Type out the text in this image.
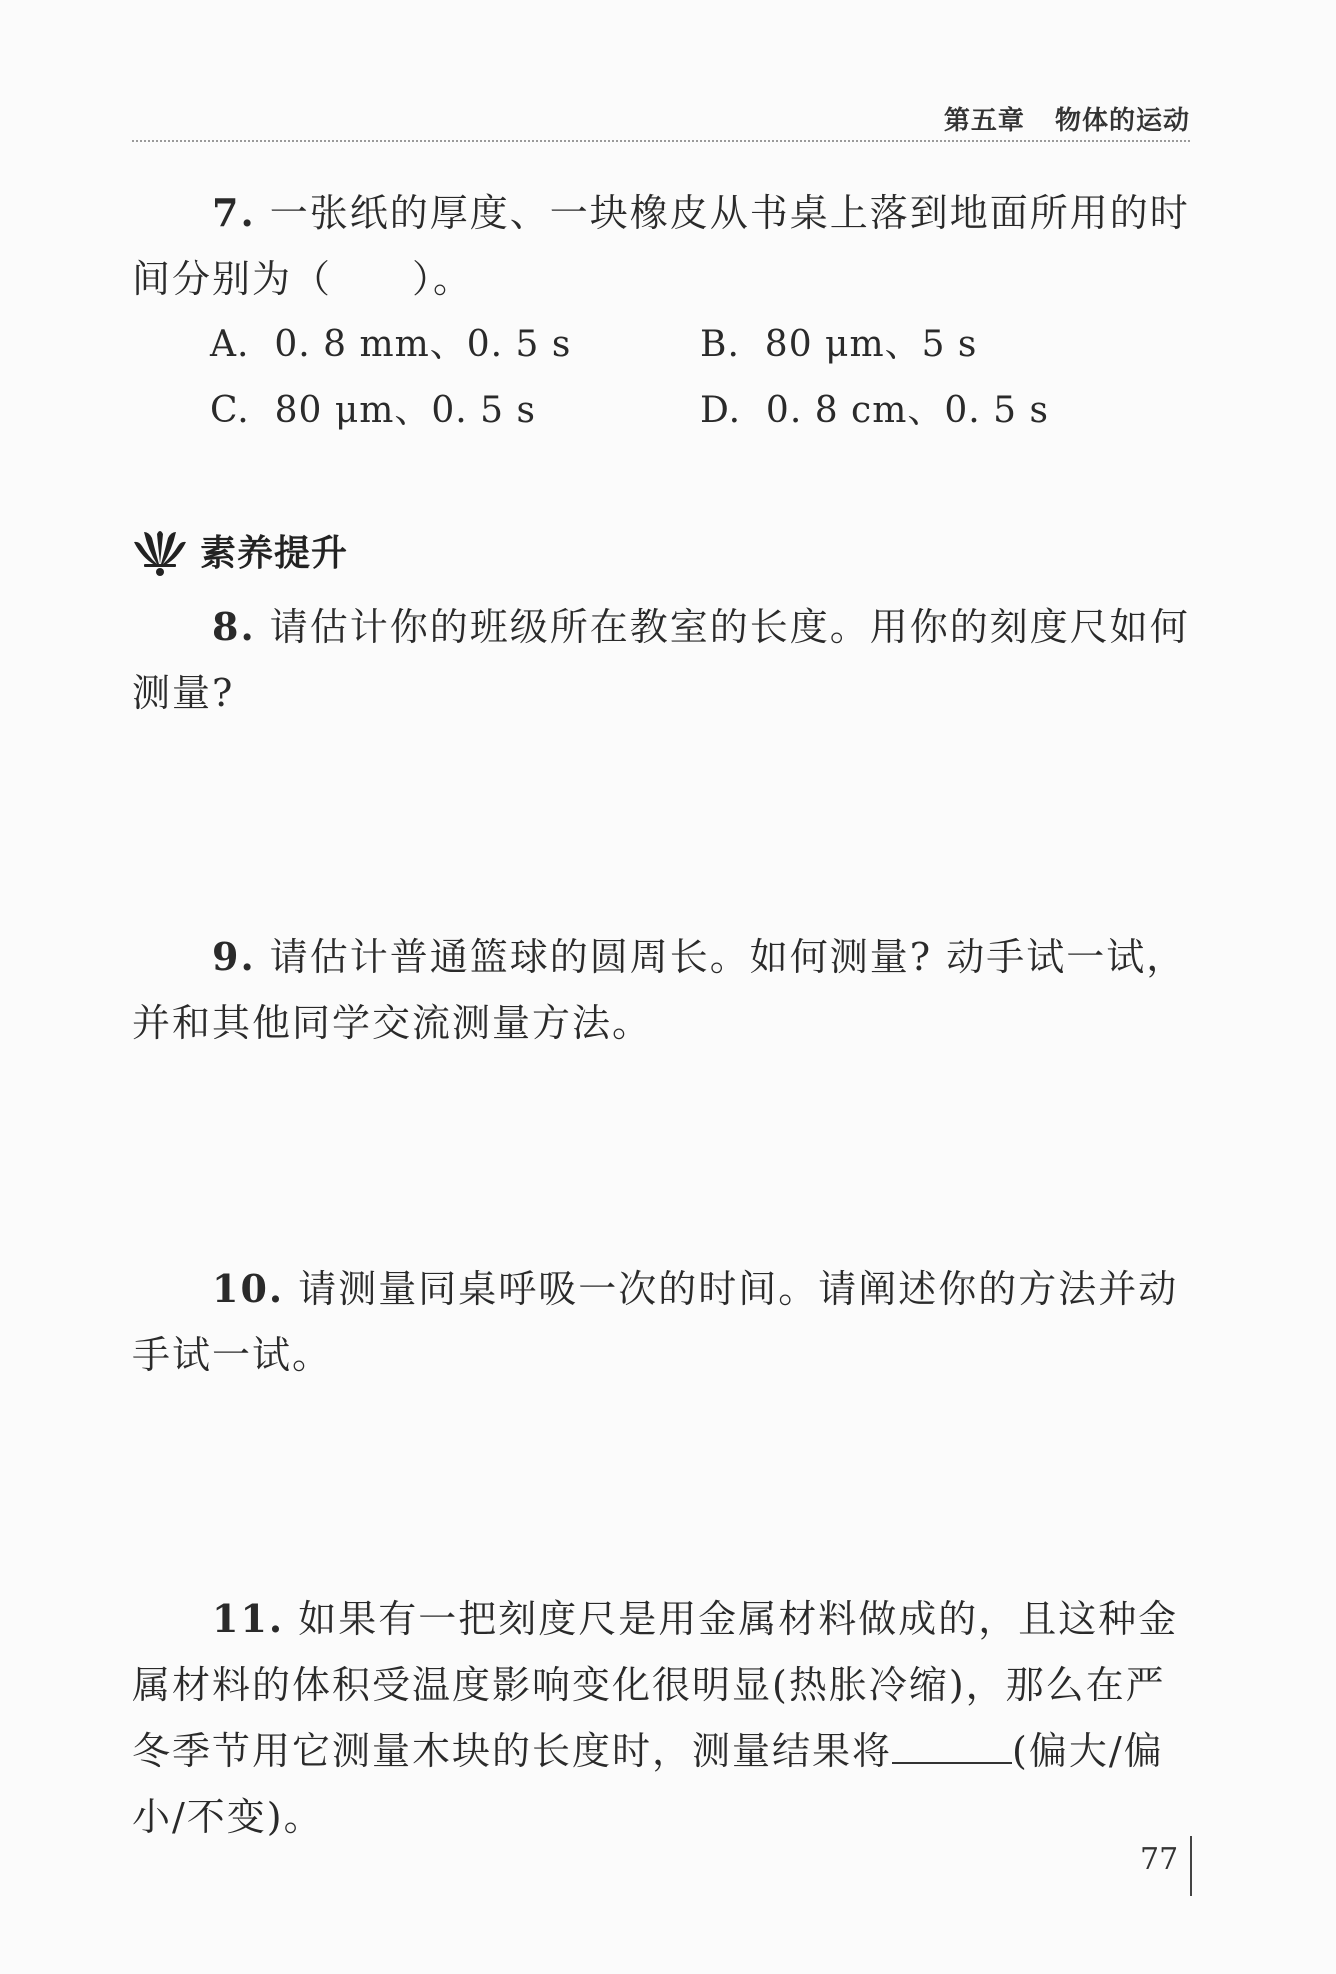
第五章 物体的运动
7. 一张纸的厚度、一块橡皮从书桌上落到地面所用的时间分别为（　　）。
A. 0. 8 mm、0. 5 s	B. 80 μm、5 s
C. 80 μm、0. 5 s	D. 0. 8 cm、0. 5 s
素养提升
8. 请估计你的班级所在教室的长度。用你的刻度尺如何测量?
9. 请估计普通篮球的圆周长。如何测量? 动手试一试，并和其他同学交流测量方法。
10. 请测量同桌呼吸一次的时间。请阐述你的方法并动手试一试。
11. 如果有一把刻度尺是用金属材料做成的，且这种金属材料的体积受温度影响变化很明显(热胀冷缩)，那么在严冬季节用它测量木块的长度时，测量结果将	(偏大/偏小/不变)。
77
